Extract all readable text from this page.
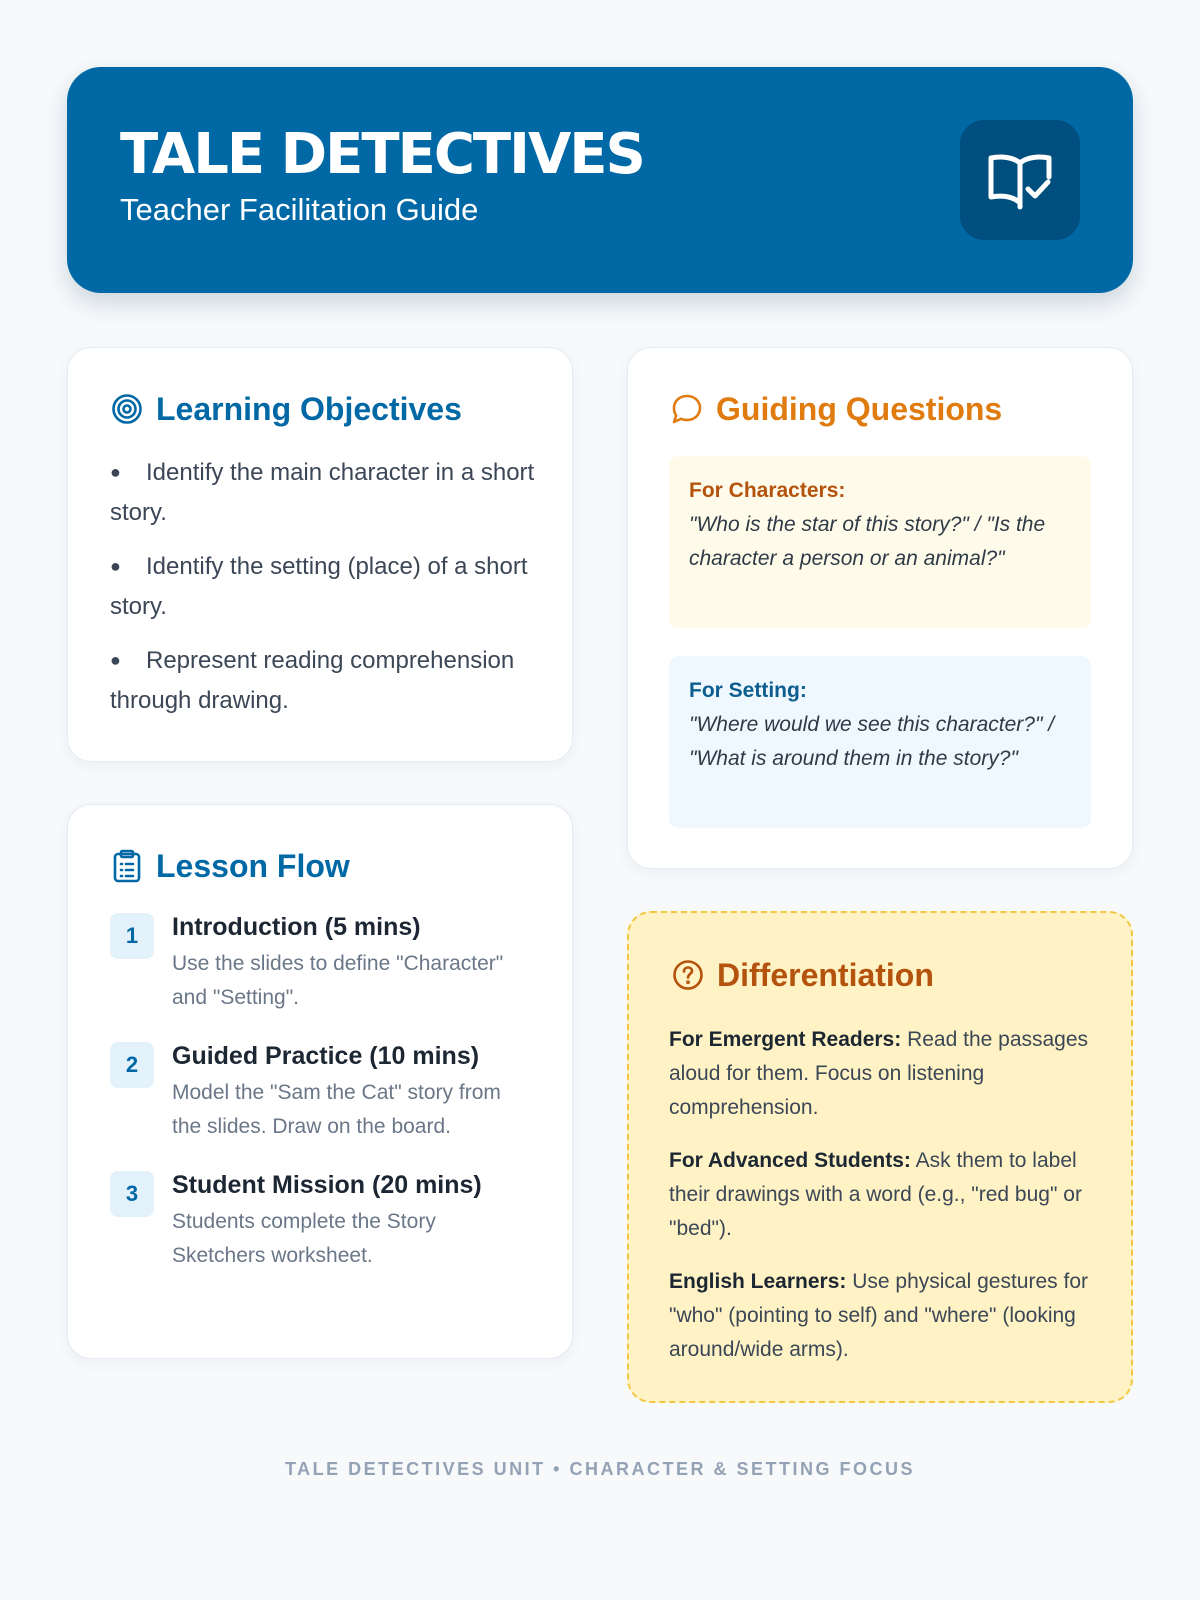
TALE DETECTIVES
Teacher Facilitation Guide
Learning Objectives
● Identify the main character in a short story.
● Identify the setting (place) of a short story.
● Represent reading comprehension through drawing.
Lesson Flow
1	Introduction (5 mins)
Use the slides to define "Character" and "Setting".
2	Guided Practice (10 mins)
Model the "Sam the Cat" story from the slides. Draw on the board.
3	Student Mission (20 mins)
Students complete the Story Sketchers worksheet.
Guiding Questions
For Characters:
"Who is the star of this story?" / "Is the character a person or an animal?"
For Setting:
"Where would we see this character?" / "What is around them in the story?"
Differentiation

For Emergent Readers: Read the passages aloud for them. Focus on listening comprehension.

For Advanced Students: Ask them to label their drawings with a word (e.g., "red bug" or "bed").

English Learners: Use physical gestures for "who" (pointing to self) and "where" (looking around/wide arms).

TALE DETECTIVES UNIT • CHARACTER & SETTING FOCUS
